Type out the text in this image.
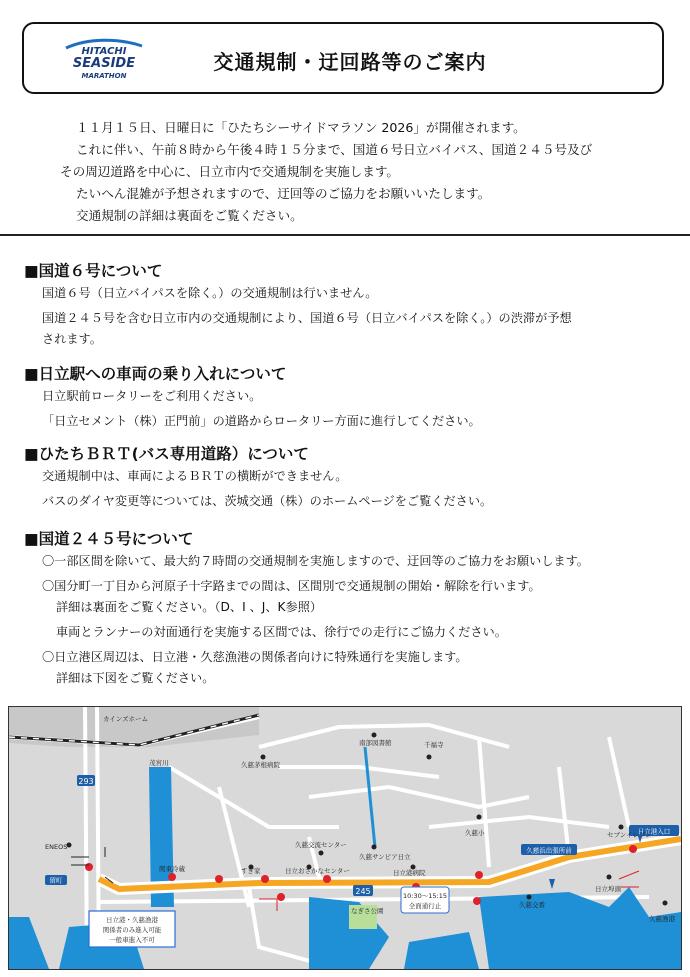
HITACHI
SEASIDE
MARATHON
交通規制・迂回路等のご案内

１１月１５日、日曜日に「ひたちシーサイドマラソン 2026」が開催されます。

これに伴い、午前８時から午後４時１５分まで、国道６号日立バイパス、国道２４５号及び

その周辺道路を中心に、日立市内で交通規制を実施します。

たいへん混雑が予想されますので、迂回等のご協力をお願いいたします。

交通規制の詳細は裏面をご覧ください。

■国道６号について

国道６号（日立バイパスを除く。）の交通規制は行いません。

国道２４５号を含む日立市内の交通規制により、国道６号（日立バイパスを除く。）の渋滞が予想

されます。

■日立駅への車両の乗り入れについて

日立駅前ロータリーをご利用ください。

「日立セメント（株）正門前」の道路からロータリー方面に進行してください。

■ひたちＢＲＴ(バス専用道路）について

交通規制中は、車両によるＢＲＴの横断ができません。

バスのダイヤ変更等については、茨城交通（株）のホームページをご覧ください。

■国道２４５号について

〇一部区間を除いて、最大約７時間の交通規制を実施しますので、迂回等のご協力をお願いします。

〇国分町一丁目から河原子十字路までの間は、区間別で交通規制の開始・解除を行います。

詳細は裏面をご覧ください。（D、I 、J、K参照）

車両とランナーの対面通行を実施する区間では、徐行での走行にご協力ください。

〇日立港区周辺は、日立港・久慈漁港の関係者向けに特殊通行を実施します。

詳細は下図をご覧ください。

293
245
久慈浜出張所前
日立港入口
留町
10:30～15:15
全面通行止
日立港・久慈漁港
関係者のみ進入可能
一般車進入不可
カインズホーム
茂宮川	久慈茅根病院
南部図書館	千福寺
久慈小
久慈交流センター
久慈サンピア日立
日立おさかなセンター	日立港病院
すぎ家
関東冷蔵
セブンイレブン
久慈交番
日立埠頭
久慈漁港
ENEOS
なぎさ公園
